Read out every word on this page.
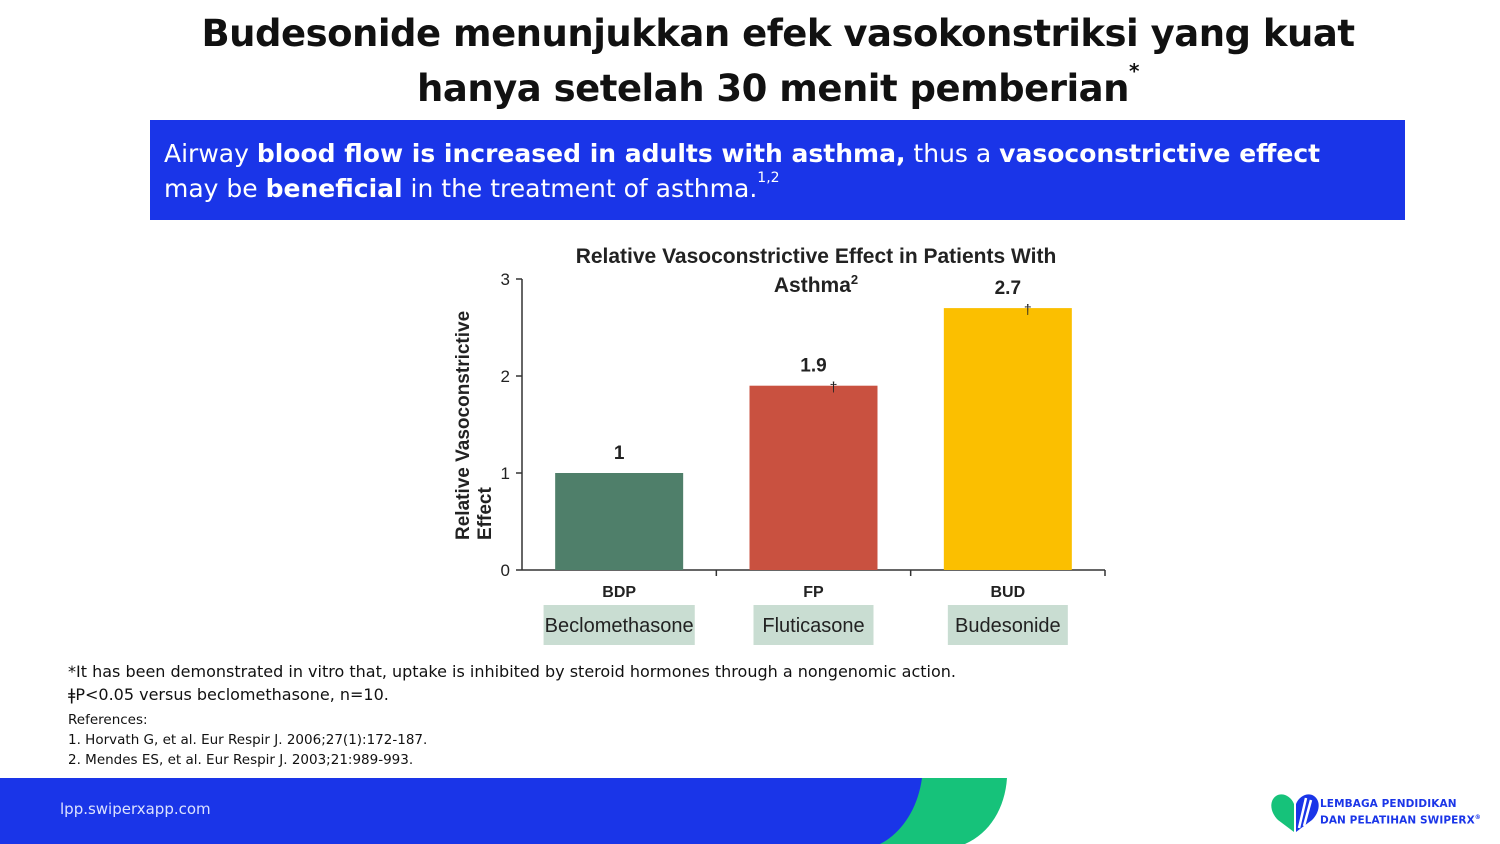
Budesonide menunjukkan efek vasokonstriksi yang kuat
hanya setelah 30 menit pemberian*
Airway blood flow is increased in adults with asthma, thus a vasoconstrictive effect
may be beneficial in the treatment of asthma.$^{1,2}$
Relative Vasoconstrictive Effect in Patients With
Asthma$^2$
Relative Vasoconstrictive Effect
0
1
2
3
BDP
Beclomethasone
FP
Fluticasone
BUD
Budesonide
1
1.9
†
2.7
†
*It has been demonstrated in vitro that, uptake is inhibited by steroid hormones through a nongenomic action.
ǂP<0.05 versus beclomethasone, n=10.
References:
1. Horvath G, et al. Eur Respir J. 2006;27(1):172-187.
2. Mendes ES, et al. Eur Respir J. 2003;21:989-993.
lpp.swiperxapp.com	LEMBAGA PENDIDIKAN
DAN PELATIHAN SWIPERX®
